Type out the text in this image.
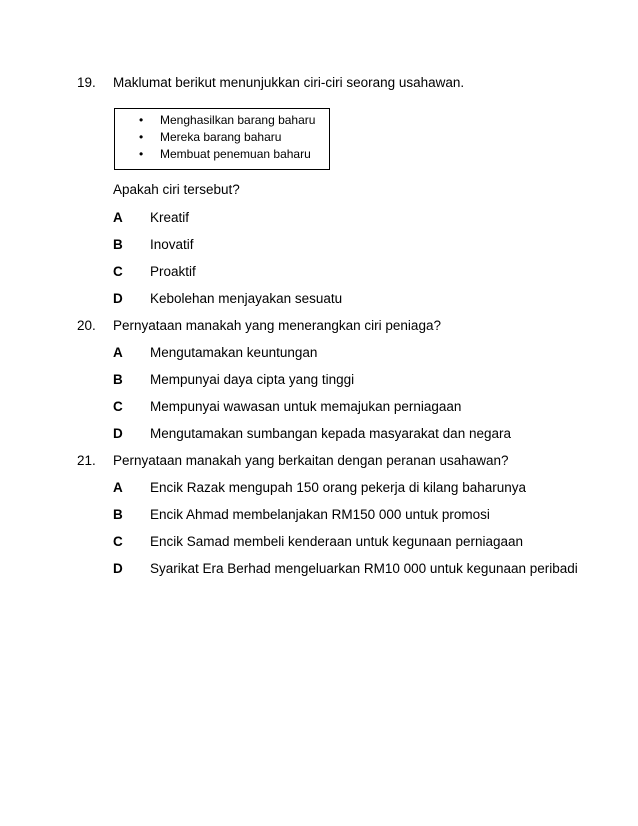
19. Maklumat berikut menunjukkan ciri-ciri seorang usahawan.
• Menghasilkan barang baharu
• Mereka barang baharu
• Membuat penemuan baharu
Apakah ciri tersebut?
A Kreatif
B Inovatif
C Proaktif
D Kebolehan menjayakan sesuatu
20. Pernyataan manakah yang menerangkan ciri peniaga?
A Mengutamakan keuntungan
B Mempunyai daya cipta yang tinggi
C Mempunyai wawasan untuk memajukan perniagaan
D Mengutamakan sumbangan kepada masyarakat dan negara
21. Pernyataan manakah yang berkaitan dengan peranan usahawan?
A Encik Razak mengupah 150 orang pekerja di kilang baharunya
B Encik Ahmad membelanjakan RM150 000 untuk promosi
C Encik Samad membeli kenderaan untuk kegunaan perniagaan
D Syarikat Era Berhad mengeluarkan RM10 000 untuk kegunaan peribadi
